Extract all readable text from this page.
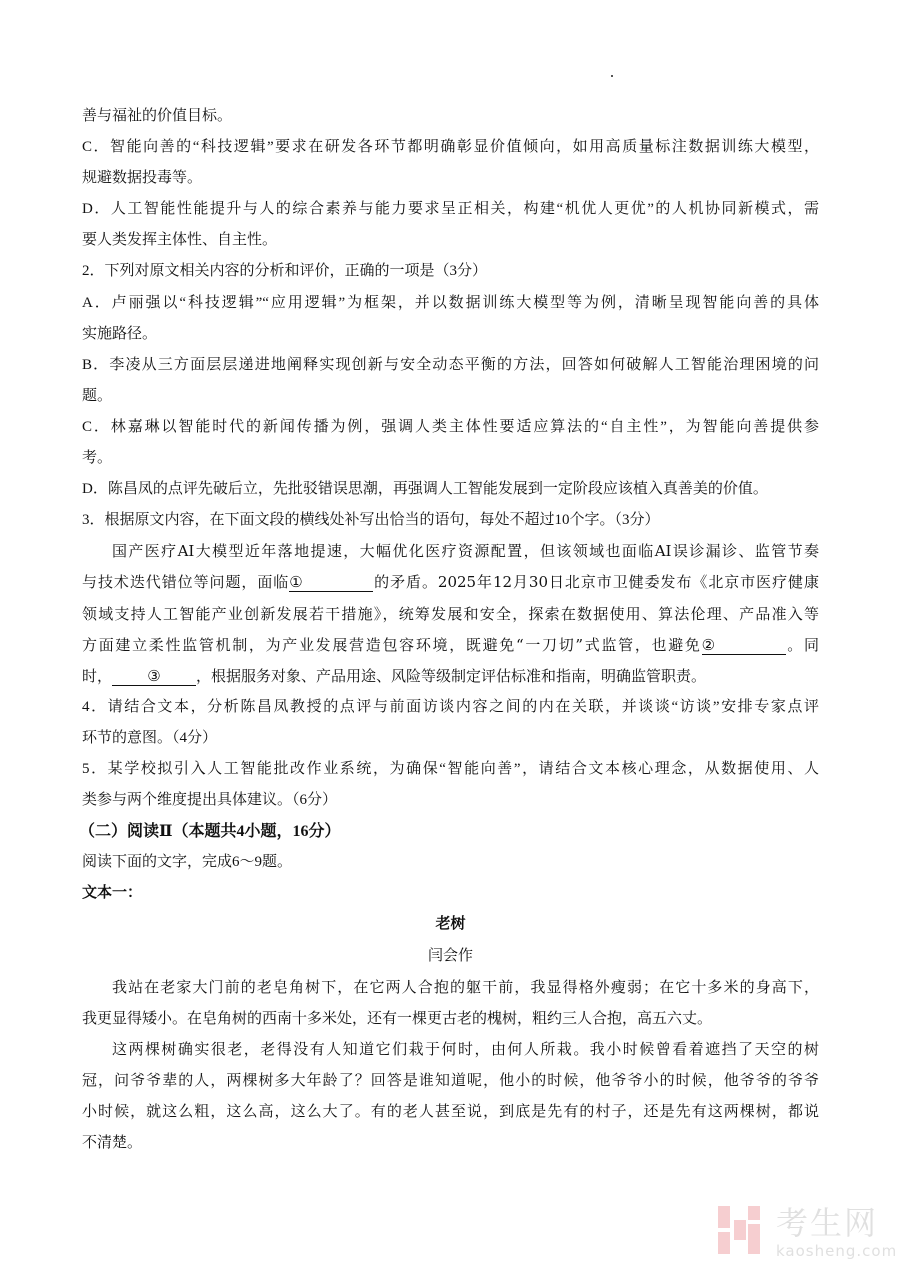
善与福祉的价值目标。
C．智能向善的“科技逻辑”要求在研发各环节都明确彰显价值倾向，如用高质量标注数据训练大模型，
规避数据投毒等。
D．人工智能性能提升与人的综合素养与能力要求呈正相关，构建“机优人更优”的人机协同新模式，需
要人类发挥主体性、自主性。
2．下列对原文相关内容的分析和评价，正确的一项是（3分）
A．卢丽强以“科技逻辑”“应用逻辑”为框架，并以数据训练大模型等为例，清晰呈现智能向善的具体
实施路径。
B．李凌从三方面层层递进地阐释实现创新与安全动态平衡的方法，回答如何破解人工智能治理困境的问
题。
C．林嘉琳以智能时代的新闻传播为例，强调人类主体性要适应算法的“自主性”，为智能向善提供参
考。
D．陈昌凤的点评先破后立，先批驳错误思潮，再强调人工智能发展到一定阶段应该植入真善美的价值。
3．根据原文内容，在下面文段的横线处补写出恰当的语句，每处不超过10个字。（3分）
国产医疗AI大模型近年落地提速，大幅优化医疗资源配置，但该领域也面临AI误诊漏诊、监管节奏
与技术迭代错位等问题，面临①	的矛盾。2025年12月30日北京市卫健委发布《北京市医疗健康
领域支持人工智能产业创新发展若干措施》，统筹发展和安全，探索在数据使用、算法伦理、产品准入等
方面建立柔性监管机制，为产业发展营造包容环境，既避免“一刀切”式监管，也避免②	。同
时， ③ ，根据服务对象、产品用途、风险等级制定评估标准和指南，明确监管职责。
4．请结合文本，分析陈昌凤教授的点评与前面访谈内容之间的内在关联，并谈谈“访谈”安排专家点评
环节的意图。（4分）
5．某学校拟引入人工智能批改作业系统，为确保“智能向善”，请结合文本核心理念，从数据使用、人
类参与两个维度提出具体建议。（6分）
（二）阅读Ⅱ（本题共4小题，16分）
阅读下面的文字，完成6～9题。
文本一：
老树
闫会作
我站在老家大门前的老皂角树下，在它两人合抱的躯干前，我显得格外瘦弱；在它十多米的身高下，
我更显得矮小。在皂角树的西南十多米处，还有一棵更古老的槐树，粗约三人合抱，高五六丈。
这两棵树确实很老，老得没有人知道它们栽于何时，由何人所栽。我小时候曾看着遮挡了天空的树
冠，问爷爷辈的人，两棵树多大年龄了？回答是谁知道呢，他小的时候，他爷爷小的时候，他爷爷的爷爷
小时候，就这么粗，这么高，这么大了。有的老人甚至说，到底是先有的村子，还是先有这两棵树，都说
不清楚。
考生网
kaosheng.com
